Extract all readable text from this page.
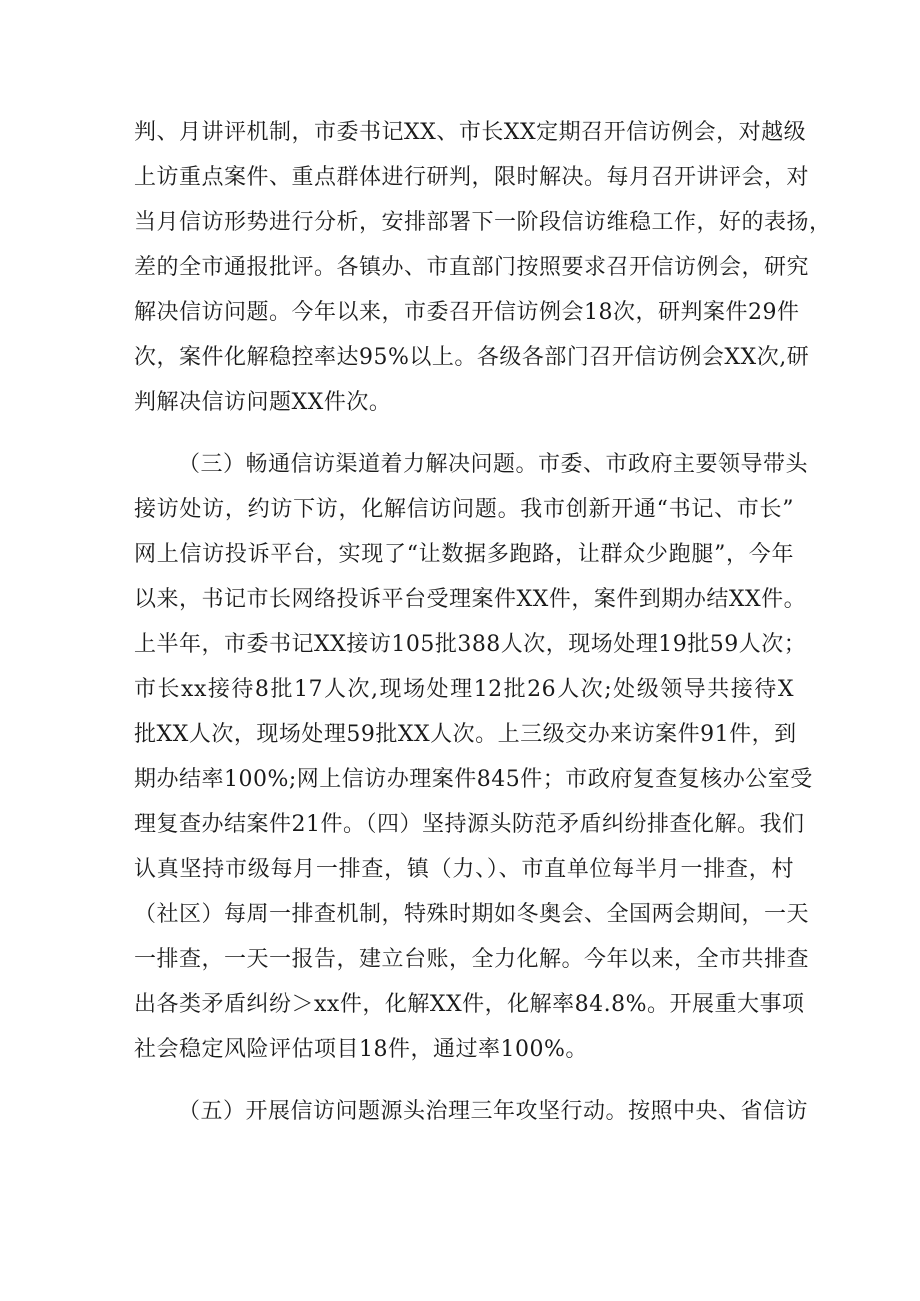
判、月讲评机制，市委书记XX、市长XX定期召开信访例会，对越级
上访重点案件、重点群体进行研判，限时解决。每月召开讲评会，对
当月信访形势进行分析，安排部署下一阶段信访维稳工作，好的表扬，
差的全市通报批评。各镇办、市直部门按照要求召开信访例会，研究
解决信访问题。今年以来，市委召开信访例会18次，研判案件29件
次，案件化解稳控率达95%以上。各级各部门召开信访例会XX次,研
判解决信访问题XX件次。
（三）畅通信访渠道着力解决问题。市委、市政府主要领导带头
接访处访，约访下访，化解信访问题。我市创新开通“书记、市长”
网上信访投诉平台，实现了“让数据多跑路，让群众少跑腿”，今年
以来，书记市长网络投诉平台受理案件XX件，案件到期办结XX件。
上半年，市委书记XX接访105批388人次，现场处理19批59人次；
市长xx接待8批17人次,现场处理12批26人次;处级领导共接待X
批XX人次，现场处理59批XX人次。上三级交办来访案件91件，到
期办结率100%;网上信访办理案件845件；市政府复查复核办公室受
理复查办结案件21件。（四）坚持源头防范矛盾纠纷排查化解。我们
认真坚持市级每月一排查，镇（力、）、市直单位每半月一排查，村
（社区）每周一排查机制，特殊时期如冬奥会、全国两会期间，一天
一排查，一天一报告，建立台账，全力化解。今年以来，全市共排查
出各类矛盾纠纷＞xx件，化解XX件，化解率84.8%。开展重大事项
社会稳定风险评估项目18件，通过率100%。
（五）开展信访问题源头治理三年攻坚行动。按照中央、省信访
